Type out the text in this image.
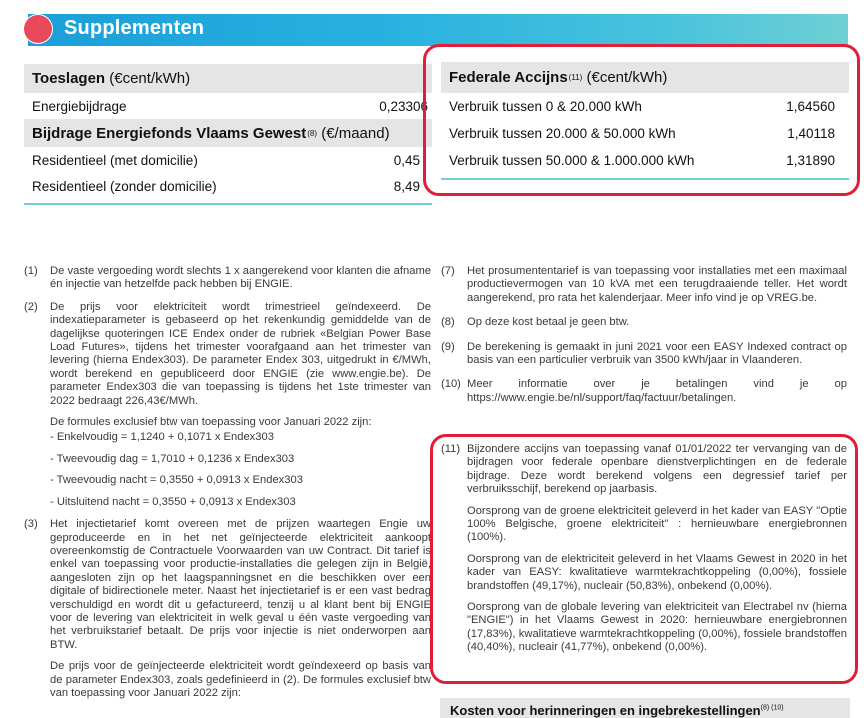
Supplementen
Toeslagen
(€cent/kWh)
Energiebijdrage	0,23306
Bijdrage Energiefonds Vlaams Gewest (8)
(€/maand)
Residentieel (met domicilie)	0,45
Residentieel (zonder domicilie)	8,49
Federale Accijns (11)
(€cent/kWh)
Verbruik tussen 0 & 20.000 kWh	1,64560
Verbruik tussen 20.000 & 50.000 kWh	1,40118
Verbruik tussen 50.000 & 1.000.000 kWh	1,31890
(1)	De vaste vergoeding wordt slechts 1 x aangerekend voor klanten die afname én injectie van hetzelfde pack hebben bij ENGIE.

(2)	De prijs voor elektriciteit wordt trimestrieel geïndexeerd. De indexatieparameter is gebaseerd op het rekenkundig gemiddelde van de dagelijkse quoteringen ICE Endex onder de rubriek «Belgian Power Base Load Futures», tijdens het trimester voorafgaand aan het trimester van levering (hierna Endex303). De parameter Endex 303, uitgedrukt in €/MWh, wordt berekend en gepubliceerd door ENGIE (zie www.engie.be). De parameter Endex303 die van toepassing is tijdens het 1ste trimester van 2022 bedraagt 226,43€/MWh.

De formules exclusief btw van toepassing voor Januari 2022 zijn:

- Enkelvoudig = 1,1240 + 0,1071 x Endex303

- Tweevoudig dag = 1,7010 + 0,1236 x Endex303

- Tweevoudig nacht = 0,3550 + 0,0913 x Endex303

- Uitsluitend nacht = 0,3550 + 0,0913 x Endex303

(3)	Het injectietarief komt overeen met de prijzen waartegen Engie uw geproduceerde en in het net geïnjecteerde elektriciteit aankoopt overeenkomstig de Contractuele Voorwaarden van uw Contract. Dit tarief is enkel van toepassing voor productie-installaties die gelegen zijn in België, aangesloten zijn op het laagspanningsnet en die beschikken over een digitale of bidirectionele meter. Naast het injectietarief is er een vast bedrag verschuldigd en wordt dit u gefactureerd, tenzij u al klant bent bij ENGIE voor de levering van elektriciteit in welk geval u één vaste vergoeding van het verbruikstarief betaalt. De prijs voor injectie is niet onderworpen aan BTW.

De prijs voor de geïnjecteerde elektriciteit wordt geïndexeerd op basis van de parameter Endex303, zoals gedefinieerd in (2). De formules exclusief btw van toepassing voor Januari 2022 zijn:

(7)	Het prosumententarief is van toepassing voor installaties met een maximaal productievermogen van 10 kVA met een terugdraaiende teller. Het wordt aangerekend, pro rata het kalenderjaar. Meer info vind je op VREG.be.

(8)	Op deze kost betaal je geen btw.

(9)	De berekening is gemaakt in juni 2021 voor een EASY Indexed contract op basis van een particulier verbruik van 3500 kWh/jaar in Vlaanderen.

(10) Meer informatie over je betalingen vind je op https://www.engie.be/nl/support/faq/factuur/betalingen.

(11) Bijzondere accijns van toepassing vanaf 01/01/2022 ter vervanging van de bijdragen voor federale openbare dienstverplichtingen en de federale bijdrage. Deze wordt berekend volgens een degressief tarief per verbruiksschijf, berekend op jaarbasis.

Oorsprong van de groene elektriciteit geleverd in het kader van EASY "Optie 100% Belgische, groene elektriciteit" : hernieuwbare energiebronnen (100%).

Oorsprong van de elektriciteit geleverd in het Vlaams Gewest in 2020 in het kader van EASY: kwalitatieve warmtekrachtkoppeling (0,00%), fossiele brandstoffen (49,17%), nucleair (50,83%), onbekend (0,00%).

Oorsprong van de globale levering van elektriciteit van Electrabel nv (hierna "ENGIE") in het Vlaams Gewest in 2020: hernieuwbare energiebronnen (17,83%), kwalitatieve warmtekrachtkoppeling (0,00%), fossiele brandstoffen (40,40%), nucleair (41,77%), onbekend (0,00%).

Kosten voor herinneringen en ingebrekestellingen$^{(8) (10)}$
